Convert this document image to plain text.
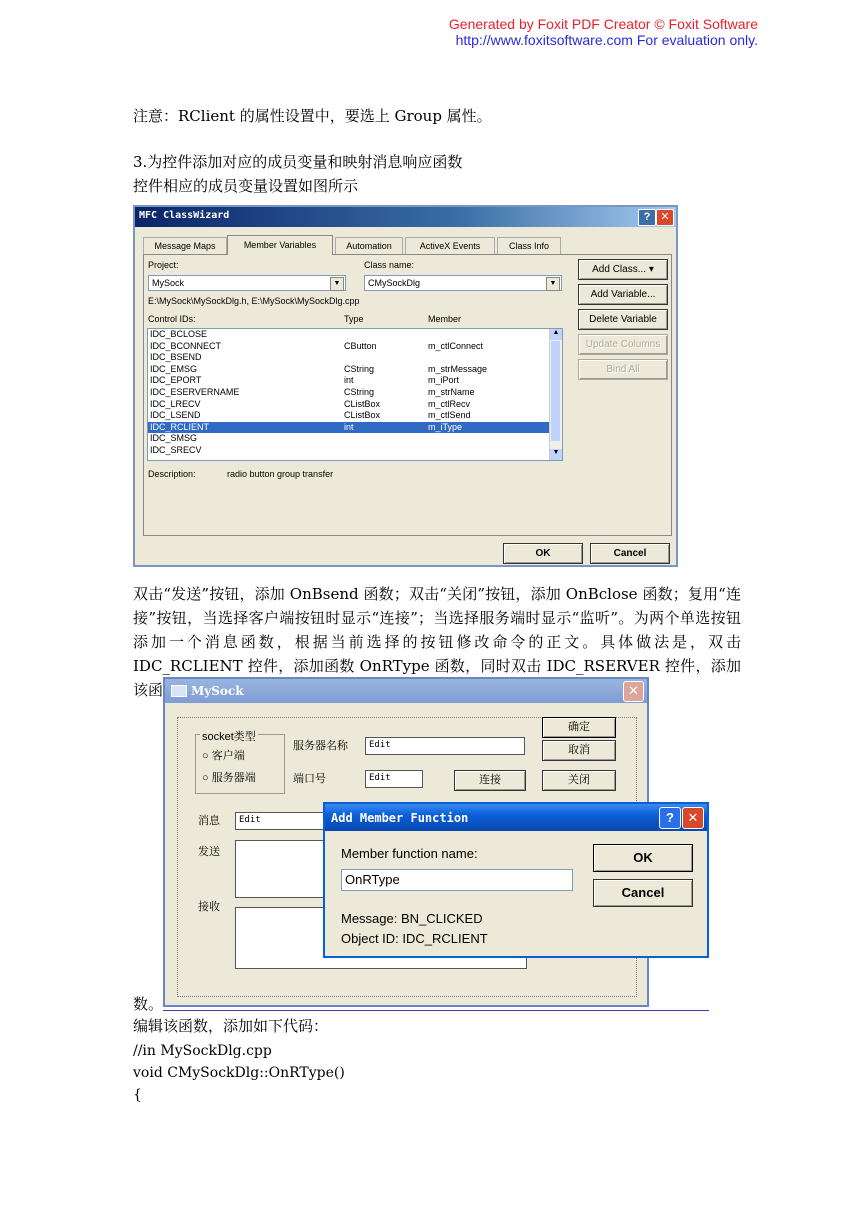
Generated by Foxit PDF Creator © Foxit Software
http://www.foxitsoftware.com For evaluation only.
注意：RClient 的属性设置中，要选上 Group 属性。
3.为控件添加对应的成员变量和映射消息响应函数
控件相应的成员变量设置如图所示
MFC ClassWizard	? ✕
Message Maps	Member Variables	Automation	ActiveX Events	Class Info
Project:
MySock	▼
Class name:
CMySockDlg	▼
E:\MySock\MySockDlg.h, E:\MySock\MySockDlg.cpp
Control IDs:	Type	Member
IDC_BCLOSE
IDC_BCONNECT	CButton	m_ctlConnect
IDC_BSEND
IDC_EMSG	CString	m_strMessage
IDC_EPORT	int	m_iPort
IDC_ESERVERNAME	CString	m_strName
IDC_LRECV	CListBox	m_ctlRecv
IDC_LSEND	CListBox	m_ctlSend
IDC_RCLIENT	int	m_iType
IDC_SMSG
IDC_SRECV
▲
▼
Description:	radio button group transfer
Add Class... ▾
Add Variable...
Delete Variable
Update Columns
Bind All
OK	Cancel
双击“发送”按钮，添加 OnBsend 函数；双击“关闭”按钮，添加 OnBclose 函数；复用“连接”按钮，当选择客户端按钮时显示“连接”；当选择服务端时显示“监听”。为两个单选按钮添加一个消息函数，根据当前选择的按钮修改命令的正文。具体做法是，双击 IDC_RCLIENT 控件，添加函数 OnRType 函数，同时双击 IDC_RSERVER 控件，添加该函	MySock	✕
socket类型
○ 客户端
○ 服务器端
服务器名称	Edit
端口号	Edit	连接
确定
取消
关闭
消息	Edit
发送
接收
Add Member Function	?	✕
Member function name:
OnRType
OK
Cancel
Message: BN_CLICKED
Object ID: IDC_RCLIENT
数。
编辑该函数，添加如下代码：
//in MySockDlg.cpp
void CMySockDlg::OnRType()
{
